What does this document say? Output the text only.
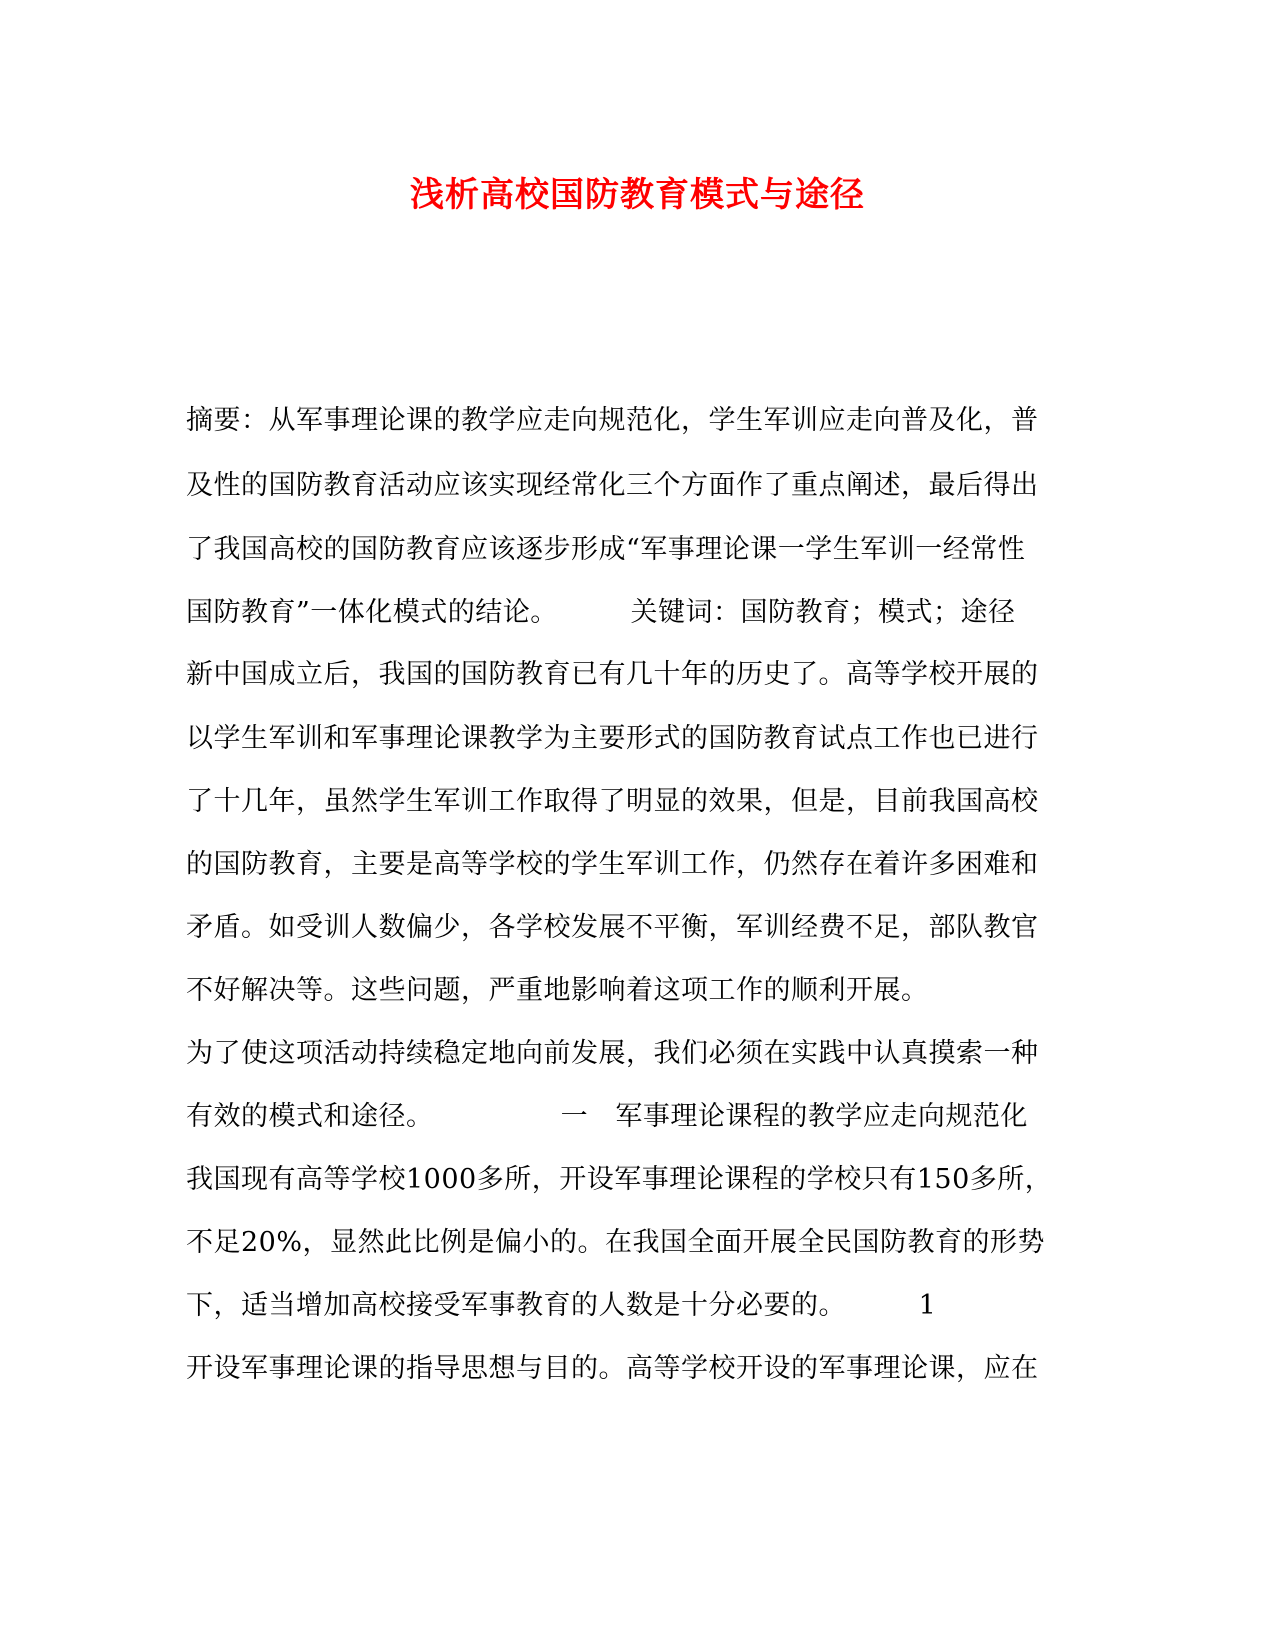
浅析高校国防教育模式与途径

摘要：从军事理论课的教学应走向规范化，学生军训应走向普及化，普

及性的国防教育活动应该实现经常化三个方面作了重点阐述，最后得出

了我国高校的国防教育应该逐步形成“军事理论课一学生军训一经常性

国防教育”一体化模式的结论。        关键词：国防教育；模式；途径

新中国成立后，我国的国防教育已有几十年的历史了。高等学校开展的

以学生军训和军事理论课教学为主要形式的国防教育试点工作也已进行

了十几年，虽然学生军训工作取得了明显的效果，但是，目前我国高校

的国防教育，主要是高等学校的学生军训工作，仍然存在着许多困难和

矛盾。如受训人数偏少，各学校发展不平衡，军训经费不足，部队教官

不好解决等。这些问题，严重地影响着这项工作的顺利开展。

为了使这项活动持续稳定地向前发展，我们必须在实践中认真摸索一种

有效的模式和途径。              一   军事理论课程的教学应走向规范化

我国现有高等学校1000多所，开设军事理论课程的学校只有150多所，

不足20%，显然此比例是偏小的。在我国全面开展全民国防教育的形势

下，适当增加高校接受军事教育的人数是十分必要的。        1

开设军事理论课的指导思想与目的。高等学校开设的军事理论课，应在
